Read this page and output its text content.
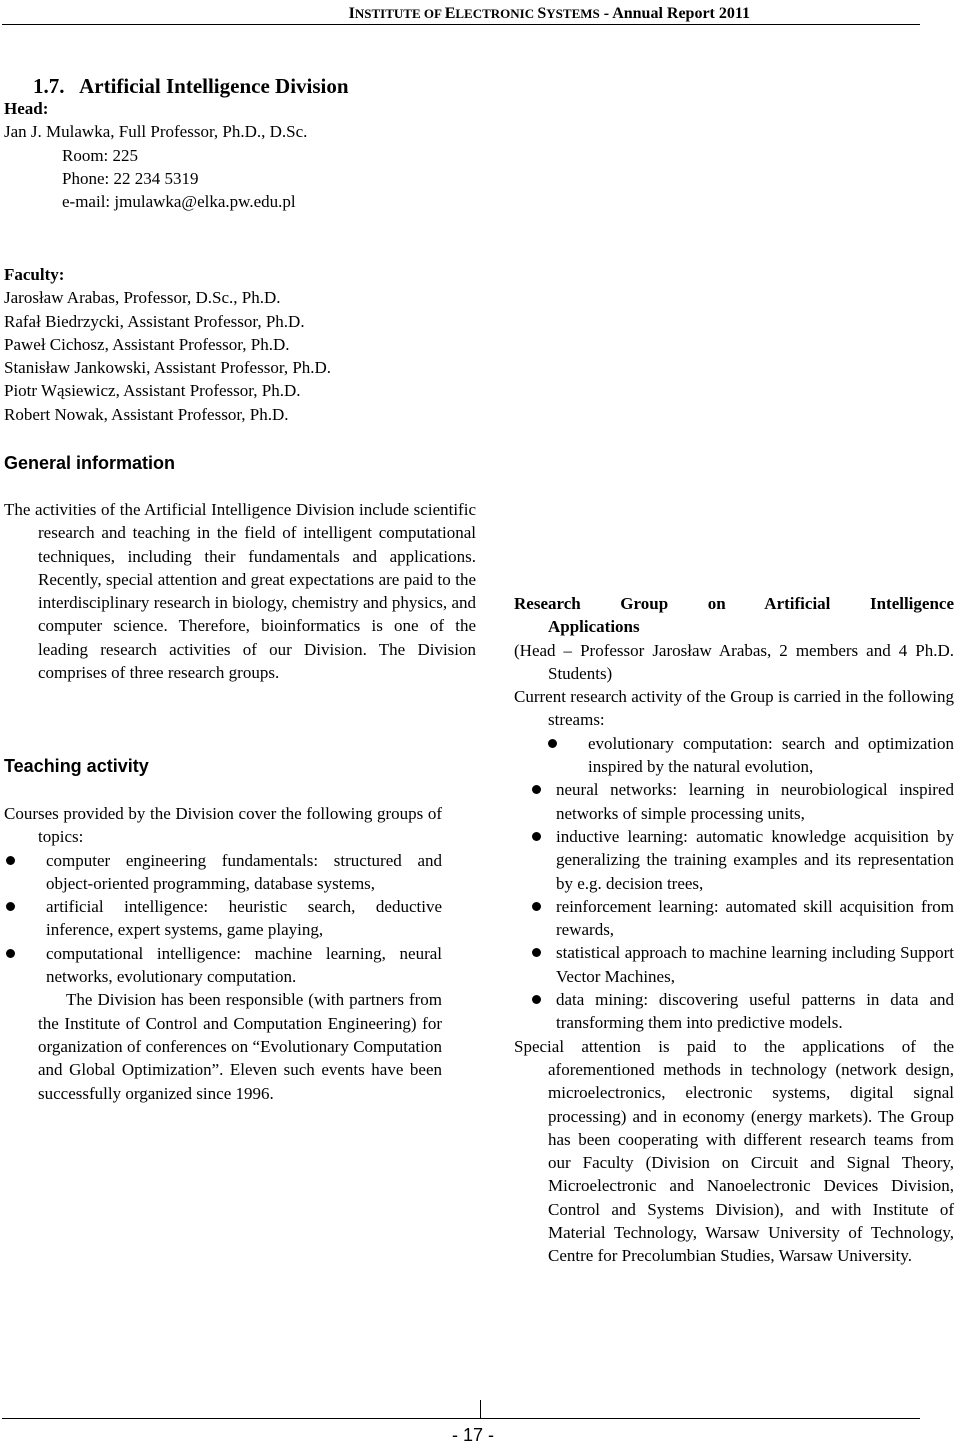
INSTITUTE OF ELECTRONIC SYSTEMS - Annual Report 2011
1.7.   Artificial Intelligence Division
Head:
Jan J. Mulawka, Full Professor, Ph.D., D.Sc.
Room: 225
Phone: 22 234 5319
e-mail: jmulawka@elka.pw.edu.pl
Faculty:
Jarosław Arabas, Professor, D.Sc., Ph.D.
Rafał Biedrzycki, Assistant Professor, Ph.D.
Paweł Cichosz, Assistant Professor, Ph.D.
Stanisław Jankowski, Assistant Professor, Ph.D.
Piotr Wąsiewicz, Assistant Professor, Ph.D.
Robert Nowak, Assistant Professor, Ph.D.
General information
The activities of the Artificial Intelligence Division include scientific research and teaching in the field of intelligent computational techniques, including their fundamentals and applications. Recently, special attention and great expectations are paid to the interdisciplinary research in biology, chemistry and physics, and computer science. Therefore, bioinformatics is one of the leading research activities of our Division. The Division comprises of three research groups.
Teaching activity
Courses provided by the Division cover the following groups of topics:
computer engineering fundamentals: structured and object-oriented programming, database systems,
artificial intelligence: heuristic search, deductive inference, expert systems, game playing,
computational intelligence: machine learning, neural networks, evolutionary computation.
The Division has been responsible (with partners from the Institute of Control and Computation Engineering) for organization of conferences on “Evolutionary Computation and Global Optimization”. Eleven such events have been successfully organized since 1996.
Research Group on Artificial Intelligence
Applications
(Head – Professor Jarosław Arabas, 2 members and 4 Ph.D. Students)
Current research activity of the Group is carried in the following streams:
evolutionary computation: search and optimization inspired by the natural evolution,
neural networks: learning in neurobiological inspired networks of simple processing units,
inductive learning: automatic knowledge acquisition by generalizing the training examples and its representation by e.g. decision trees,
reinforcement learning: automated skill acquisition from rewards,
statistical approach to machine learning including Support Vector Machines,
data mining: discovering useful patterns in data and transforming them into predictive models.
Special attention is paid to the applications of the aforementioned methods in technology (network design, microelectronics, electronic systems, digital signal processing) and in economy (energy markets). The Group has been cooperating with different research teams from our Faculty (Division on Circuit and Signal Theory, Microelectronic and Nanoelectronic Devices Division, Control and Systems Division), and with Institute of Material Technology, Warsaw University of Technology, Centre for Precolumbian Studies, Warsaw University.
- 17 -
